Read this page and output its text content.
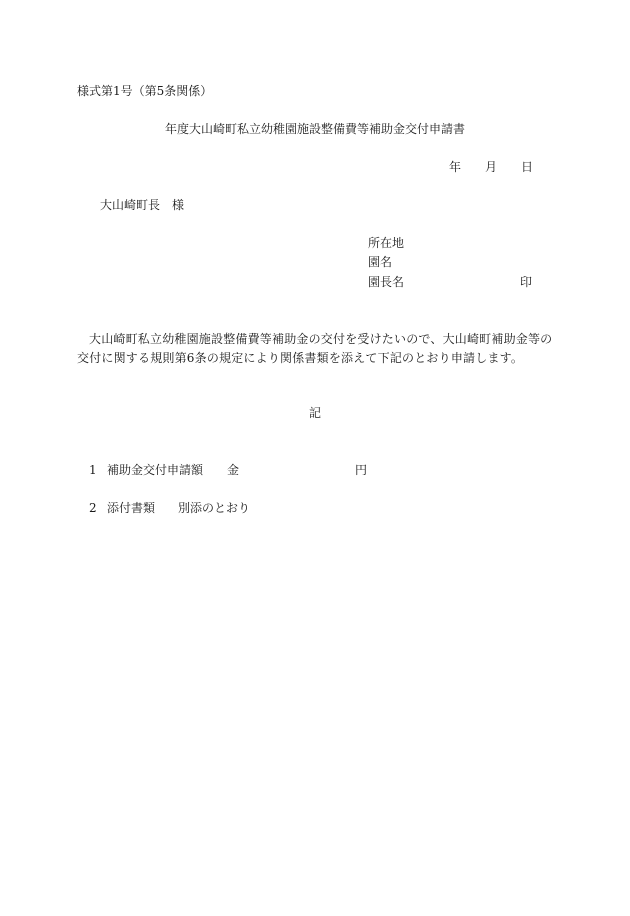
様式第1号（第5条関係）
年度大山崎町私立幼稚園施設整備費等補助金交付申請書
年 月 日
大山崎町長　様
所在地
園名
園長名	印
大山崎町私立幼稚園施設整備費等補助金の交付を受けたいので、大山崎町補助金等の交付に関する規則第6条の規定により関係書類を添えて下記のとおり申請します。
記
1 補助金交付申請額 金	円
2 添付書類 別添のとおり
